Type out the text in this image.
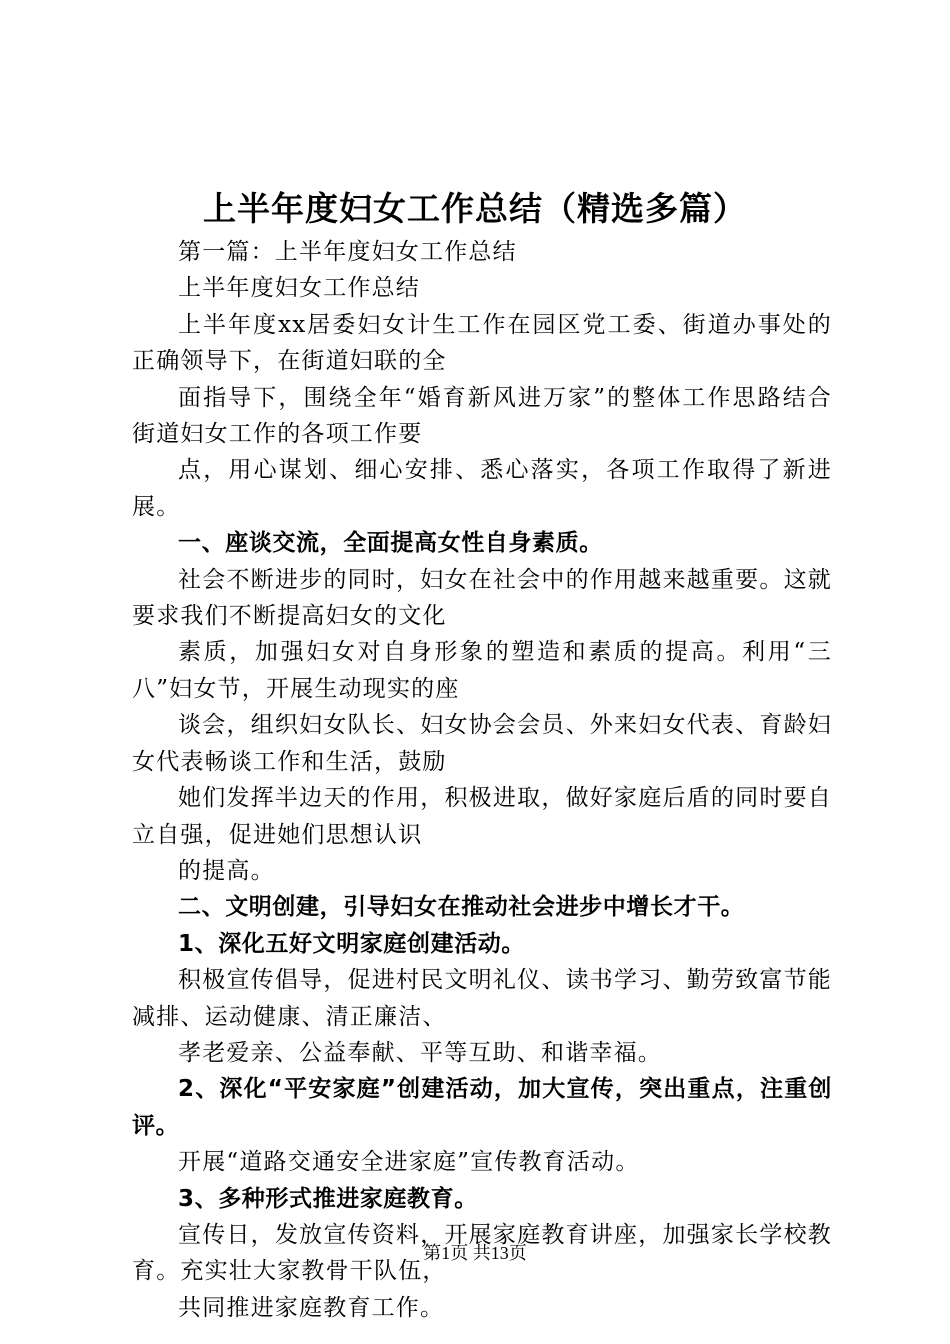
上半年度妇女工作总结（精选多篇）

第一篇：上半年度妇女工作总结

上半年度妇女工作总结

上半年度xx居委妇女计生工作在园区党工委、街道办事处的正确领导下，在街道妇联的全

面指导下，围绕全年“婚育新风进万家”的整体工作思路结合街道妇女工作的各项工作要

点，用心谋划、细心安排、悉心落实，各项工作取得了新进展。

一、座谈交流，全面提高女性自身素质。

社会不断进步的同时，妇女在社会中的作用越来越重要。这就要求我们不断提高妇女的文化

素质，加强妇女对自身形象的塑造和素质的提高。利用“三八”妇女节，开展生动现实的座

谈会，组织妇女队长、妇女协会会员、外来妇女代表、育龄妇女代表畅谈工作和生活，鼓励

她们发挥半边天的作用，积极进取，做好家庭后盾的同时要自立自强，促进她们思想认识

的提高。

二、文明创建，引导妇女在推动社会进步中增长才干。

1、深化五好文明家庭创建活动。

积极宣传倡导，促进村民文明礼仪、读书学习、勤劳致富节能减排、运动健康、清正廉洁、

孝老爱亲、公益奉献、平等互助、和谐幸福。

2、深化“平安家庭”创建活动，加大宣传，突出重点，注重创评。

开展“道路交通安全进家庭”宣传教育活动。

3、多种形式推进家庭教育。

宣传日，发放宣传资料，开展家庭教育讲座，加强家长学校教育。充实壮大家教骨干队伍，

共同推进家庭教育工作。

第1页 共13页
